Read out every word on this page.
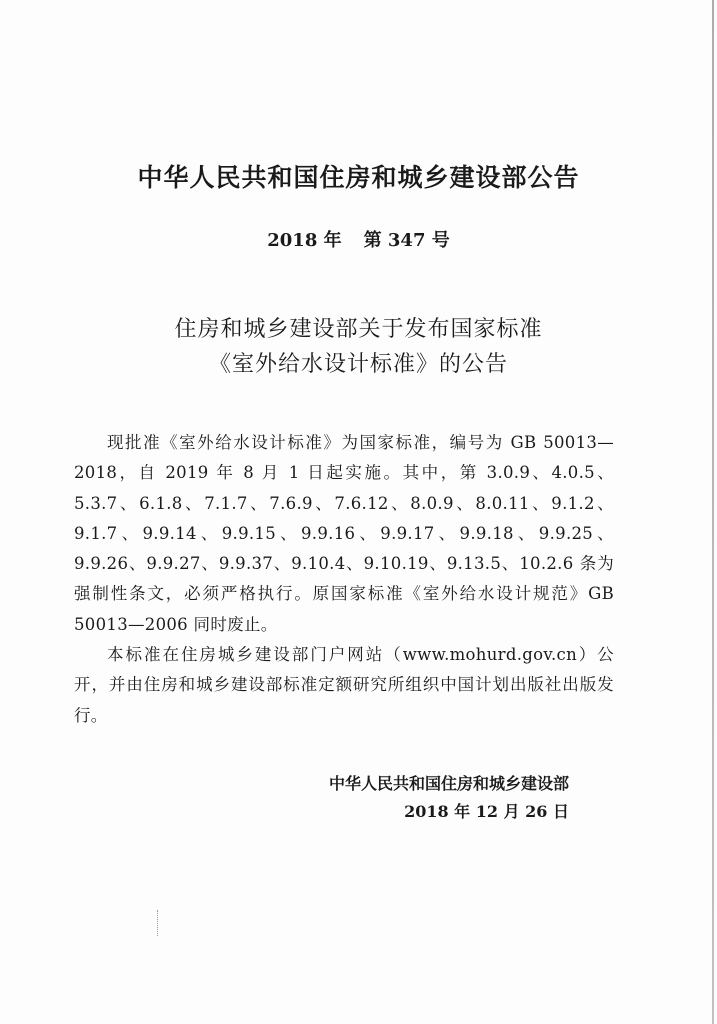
中华人民共和国住房和城乡建设部公告
2018 年 第 347 号
住房和城乡建设部关于发布国家标准
《室外给水设计标准》的公告

现批准《室外给水设计标准》为国家标准，编号为 GB 50013—2018，自 2019 年 8 月 1 日起实施。其中，第 3.0.9、4.0.5、5.3.7、6.1.8、7.1.7、7.6.9、7.6.12、8.0.9、8.0.11、9.1.2、9.1.7、9.9.14、9.9.15、9.9.16、9.9.17、9.9.18、9.9.25、9.9.26、9.9.27、9.9.37、9.10.4、9.10.19、9.13.5、10.2.6 条为强制性条文，必须严格执行。原国家标准《室外给水设计规范》GB 50013—2006 同时废止。

本标准在住房城乡建设部门户网站（www.mohurd.gov.cn）公开，并由住房和城乡建设部标准定额研究所组织中国计划出版社出版发行。

中华人民共和国住房和城乡建设部
2018 年 12 月 26 日
